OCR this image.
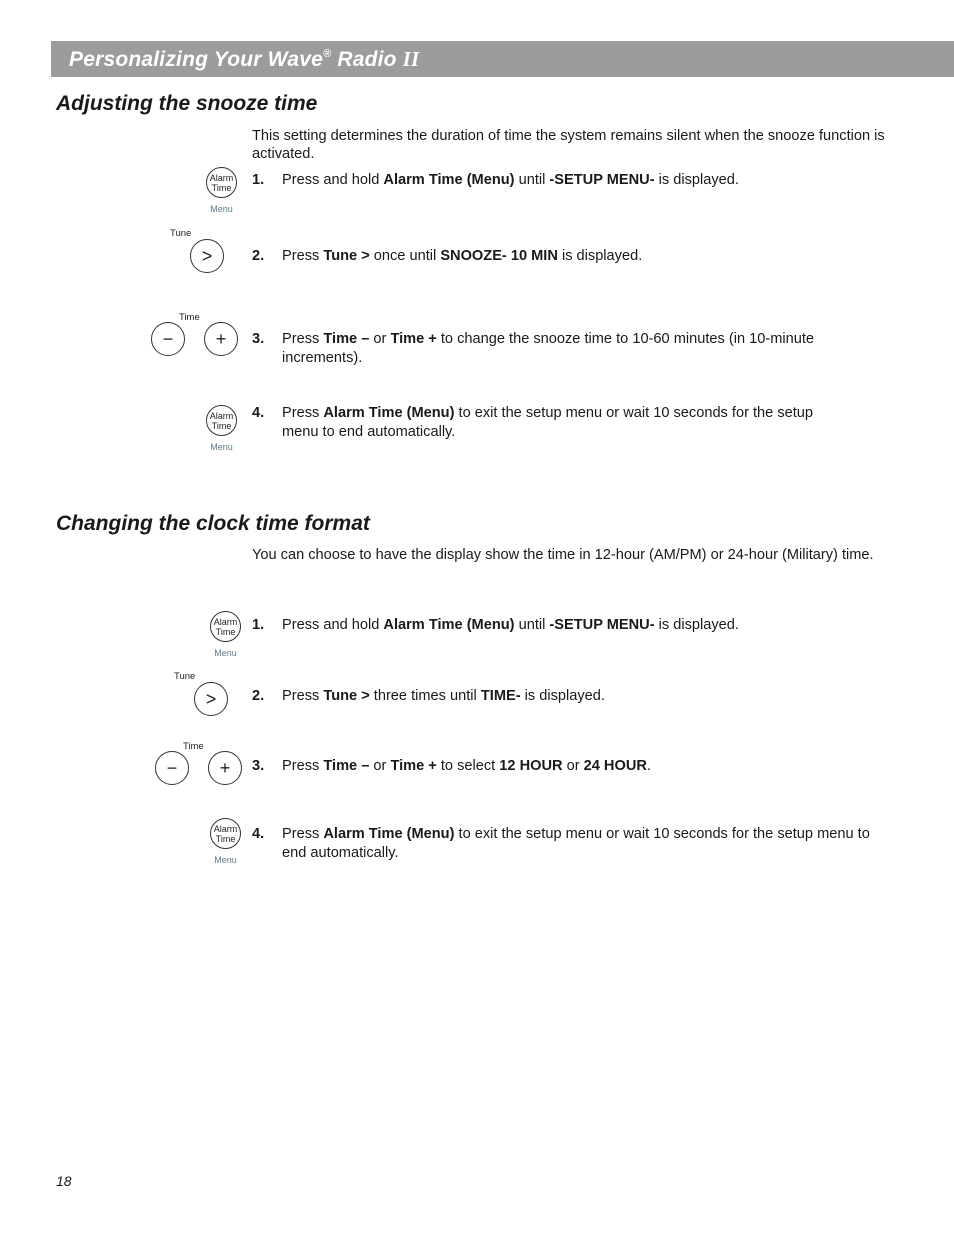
Personalizing Your Wave® Radio II
Adjusting the snooze time

This setting determines the duration of time the system remains silent when the snooze function is activated.

Alarm
Time
Menu
1. Press and hold Alarm Time (Menu) until -SETUP MENU- is displayed.
Tune
>	2. Press Tune > once until SNOOZE- 10 MIN is displayed.
Time
−	+	3. Press Time – or Time + to change the snooze time to 10-60 minutes (in 10-minute increments).
Alarm
Time
Menu
4. Press Alarm Time (Menu) to exit the setup menu or wait 10 seconds for the setup menu to end automatically.
Changing the clock time format

You can choose to have the display show the time in 12-hour (AM/PM) or 24-hour (Military) time.

Alarm
Time
Menu
1. Press and hold Alarm Time (Menu) until -SETUP MENU- is displayed.
Tune
>	2. Press Tune > three times until TIME- is displayed.
Time
−	+	3. Press Time – or Time + to select 12 HOUR or 24 HOUR.
Alarm
Time
Menu
4. Press Alarm Time (Menu) to exit the setup menu or wait 10 seconds for the setup menu to end automatically.
18
